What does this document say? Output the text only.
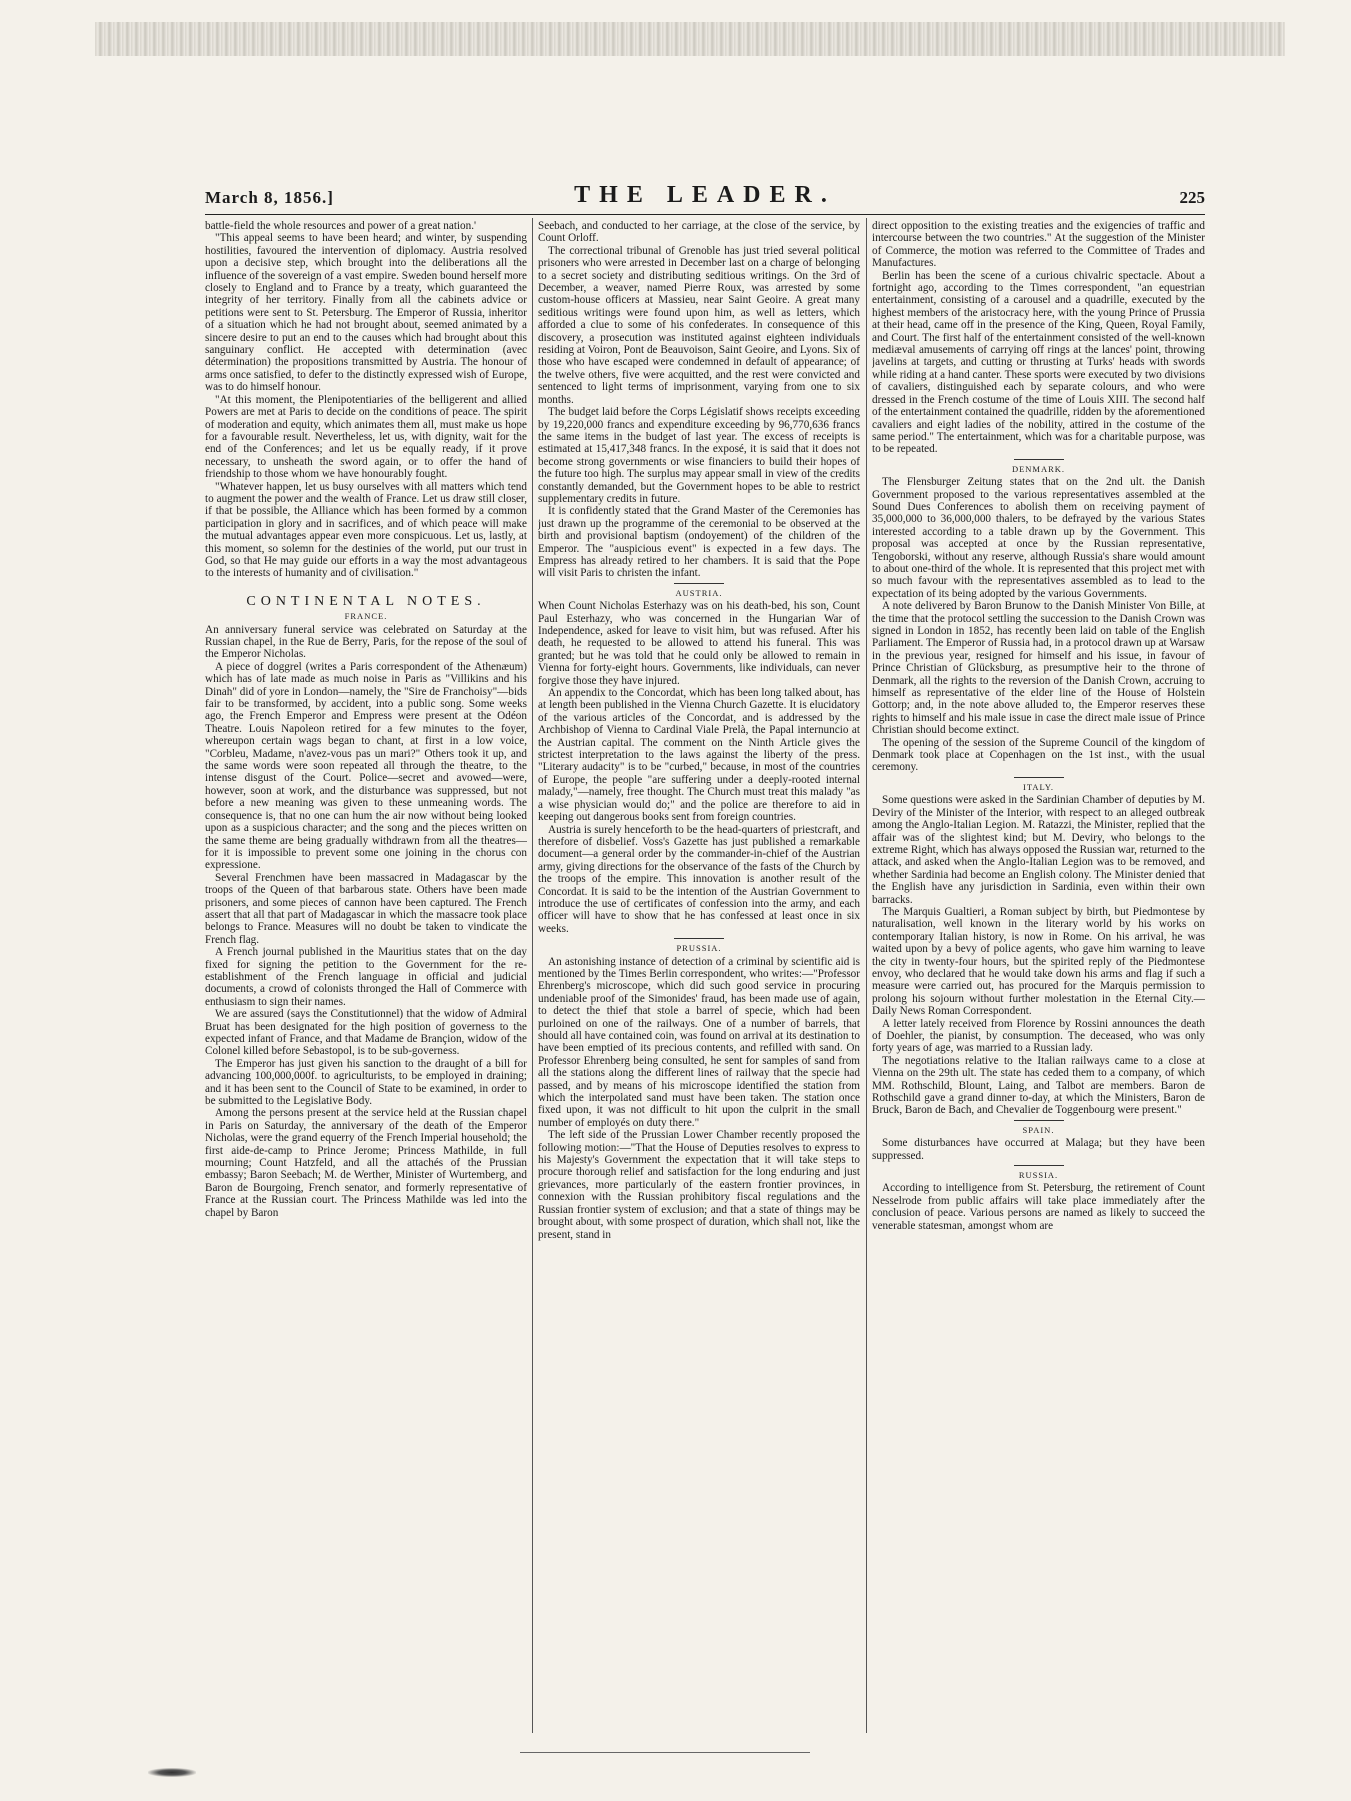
March 8, 1856.]	THE LEADER.	225

battle-field the whole resources and power of a great nation.'

"This appeal seems to have been heard; and winter, by suspending hostilities, favoured the intervention of diplomacy. Austria resolved upon a decisive step, which brought into the deliberations all the influence of the sovereign of a vast empire. Sweden bound herself more closely to England and to France by a treaty, which guaranteed the integrity of her territory. Finally from all the cabinets advice or petitions were sent to St. Petersburg. The Emperor of Russia, inheritor of a situation which he had not brought about, seemed animated by a sincere desire to put an end to the causes which had brought about this sanguinary conflict. He accepted with determination (avec détermination) the propositions transmitted by Austria. The honour of arms once satisfied, to defer to the distinctly expressed wish of Europe, was to do himself honour.

"At this moment, the Plenipotentiaries of the belligerent and allied Powers are met at Paris to decide on the conditions of peace. The spirit of moderation and equity, which animates them all, must make us hope for a favourable result. Nevertheless, let us, with dignity, wait for the end of the Conferences; and let us be equally ready, if it prove necessary, to unsheath the sword again, or to offer the hand of friendship to those whom we have honourably fought.

"Whatever happen, let us busy ourselves with all matters which tend to augment the power and the wealth of France. Let us draw still closer, if that be possible, the Alliance which has been formed by a common participation in glory and in sacrifices, and of which peace will make the mutual advantages appear even more conspicuous. Let us, lastly, at this moment, so solemn for the destinies of the world, put our trust in God, so that He may guide our efforts in a way the most advantageous to the interests of humanity and of civilisation."

CONTINENTAL NOTES.
FRANCE.

An anniversary funeral service was celebrated on Saturday at the Russian chapel, in the Rue de Berry, Paris, for the repose of the soul of the Emperor Nicholas.

A piece of doggrel (writes a Paris correspondent of the Athenæum) which has of late made as much noise in Paris as "Villikins and his Dinah" did of yore in London—namely, the "Sire de Franchoisy"—bids fair to be transformed, by accident, into a public song. Some weeks ago, the French Emperor and Empress were present at the Odéon Theatre. Louis Napoleon retired for a few minutes to the foyer, whereupon certain wags began to chant, at first in a low voice, "Corbleu, Madame, n'avez-vous pas un mari?" Others took it up, and the same words were soon repeated all through the theatre, to the intense disgust of the Court. Police—secret and avowed—were, however, soon at work, and the disturbance was suppressed, but not before a new meaning was given to these unmeaning words. The consequence is, that no one can hum the air now without being looked upon as a suspicious character; and the song and the pieces written on the same theme are being gradually withdrawn from all the theatres—for it is impossible to prevent some one joining in the chorus con expressione.

Several Frenchmen have been massacred in Madagascar by the troops of the Queen of that barbarous state. Others have been made prisoners, and some pieces of cannon have been captured. The French assert that all that part of Madagascar in which the massacre took place belongs to France. Measures will no doubt be taken to vindicate the French flag.

A French journal published in the Mauritius states that on the day fixed for signing the petition to the Government for the re-establishment of the French language in official and judicial documents, a crowd of colonists thronged the Hall of Commerce with enthusiasm to sign their names.

We are assured (says the Constitutionnel) that the widow of Admiral Bruat has been designated for the high position of governess to the expected infant of France, and that Madame de Brançion, widow of the Colonel killed before Sebastopol, is to be sub-governess.

The Emperor has just given his sanction to the draught of a bill for advancing 100,000,000f. to agriculturists, to be employed in draining; and it has been sent to the Council of State to be examined, in order to be submitted to the Legislative Body.

Among the persons present at the service held at the Russian chapel in Paris on Saturday, the anniversary of the death of the Emperor Nicholas, were the grand equerry of the French Imperial household; the first aide-de-camp to Prince Jerome; Princess Mathilde, in full mourning; Count Hatzfeld, and all the attachés of the Prussian embassy; Baron Seebach; M. de Werther, Minister of Wurtemberg, and Baron de Bourgoing, French senator, and formerly representative of France at the Russian court. The Princess Mathilde was led into the chapel by Baron

Seebach, and conducted to her carriage, at the close of the service, by Count Orloff.

The correctional tribunal of Grenoble has just tried several political prisoners who were arrested in December last on a charge of belonging to a secret society and distributing seditious writings. On the 3rd of December, a weaver, named Pierre Roux, was arrested by some custom-house officers at Massieu, near Saint Geoire. A great many seditious writings were found upon him, as well as letters, which afforded a clue to some of his confederates. In consequence of this discovery, a prosecution was instituted against eighteen individuals residing at Voiron, Pont de Beauvoison, Saint Geoire, and Lyons. Six of those who have escaped were condemned in default of appearance; of the twelve others, five were acquitted, and the rest were convicted and sentenced to light terms of imprisonment, varying from one to six months.

The budget laid before the Corps Législatif shows receipts exceeding by 19,220,000 francs and expenditure exceeding by 96,770,636 francs the same items in the budget of last year. The excess of receipts is estimated at 15,417,348 francs. In the exposé, it is said that it does not become strong governments or wise financiers to build their hopes of the future too high. The surplus may appear small in view of the credits constantly demanded, but the Government hopes to be able to restrict supplementary credits in future.

It is confidently stated that the Grand Master of the Ceremonies has just drawn up the programme of the ceremonial to be observed at the birth and provisional baptism (ondoyement) of the children of the Emperor. The "auspicious event" is expected in a few days. The Empress has already retired to her chambers. It is said that the Pope will visit Paris to christen the infant.

AUSTRIA.

When Count Nicholas Esterhazy was on his death-bed, his son, Count Paul Esterhazy, who was concerned in the Hungarian War of Independence, asked for leave to visit him, but was refused. After his death, he requested to be allowed to attend his funeral. This was granted; but he was told that he could only be allowed to remain in Vienna for forty-eight hours. Governments, like individuals, can never forgive those they have injured.

An appendix to the Concordat, which has been long talked about, has at length been published in the Vienna Church Gazette. It is elucidatory of the various articles of the Concordat, and is addressed by the Archbishop of Vienna to Cardinal Viale Prelà, the Papal internuncio at the Austrian capital. The comment on the Ninth Article gives the strictest interpretation to the laws against the liberty of the press. "Literary audacity" is to be "curbed," because, in most of the countries of Europe, the people "are suffering under a deeply-rooted internal malady,"—namely, free thought. The Church must treat this malady "as a wise physician would do;" and the police are therefore to aid in keeping out dangerous books sent from foreign countries.

Austria is surely henceforth to be the head-quarters of priestcraft, and therefore of disbelief. Voss's Gazette has just published a remarkable document—a general order by the commander-in-chief of the Austrian army, giving directions for the observance of the fasts of the Church by the troops of the empire. This innovation is another result of the Concordat. It is said to be the intention of the Austrian Government to introduce the use of certificates of confession into the army, and each officer will have to show that he has confessed at least once in six weeks.

PRUSSIA.

An astonishing instance of detection of a criminal by scientific aid is mentioned by the Times Berlin correspondent, who writes:—"Professor Ehrenberg's microscope, which did such good service in procuring undeniable proof of the Simonides' fraud, has been made use of again, to detect the thief that stole a barrel of specie, which had been purloined on one of the railways. One of a number of barrels, that should all have contained coin, was found on arrival at its destination to have been emptied of its precious contents, and refilled with sand. On Professor Ehrenberg being consulted, he sent for samples of sand from all the stations along the different lines of railway that the specie had passed, and by means of his microscope identified the station from which the interpolated sand must have been taken. The station once fixed upon, it was not difficult to hit upon the culprit in the small number of employés on duty there."

The left side of the Prussian Lower Chamber recently proposed the following motion:—"That the House of Deputies resolves to express to his Majesty's Government the expectation that it will take steps to procure thorough relief and satisfaction for the long enduring and just grievances, more particularly of the eastern frontier provinces, in connexion with the Russian prohibitory fiscal regulations and the Russian frontier system of exclusion; and that a state of things may be brought about, with some prospect of duration, which shall not, like the present, stand in

direct opposition to the existing treaties and the exigencies of traffic and intercourse between the two countries." At the suggestion of the Minister of Commerce, the motion was referred to the Committee of Trades and Manufactures.

Berlin has been the scene of a curious chivalric spectacle. About a fortnight ago, according to the Times correspondent, "an equestrian entertainment, consisting of a carousel and a quadrille, executed by the highest members of the aristocracy here, with the young Prince of Prussia at their head, came off in the presence of the King, Queen, Royal Family, and Court. The first half of the entertainment consisted of the well-known mediæval amusements of carrying off rings at the lances' point, throwing javelins at targets, and cutting or thrusting at Turks' heads with swords while riding at a hand canter. These sports were executed by two divisions of cavaliers, distinguished each by separate colours, and who were dressed in the French costume of the time of Louis XIII. The second half of the entertainment contained the quadrille, ridden by the aforementioned cavaliers and eight ladies of the nobility, attired in the costume of the same period." The entertainment, which was for a charitable purpose, was to be repeated.

DENMARK.

The Flensburger Zeitung states that on the 2nd ult. the Danish Government proposed to the various representatives assembled at the Sound Dues Conferences to abolish them on receiving payment of 35,000,000 to 36,000,000 thalers, to be defrayed by the various States interested according to a table drawn up by the Government. This proposal was accepted at once by the Russian representative, Tengoborski, without any reserve, although Russia's share would amount to about one-third of the whole. It is represented that this project met with so much favour with the representatives assembled as to lead to the expectation of its being adopted by the various Governments.

A note delivered by Baron Brunow to the Danish Minister Von Bille, at the time that the protocol settling the succession to the Danish Crown was signed in London in 1852, has recently been laid on table of the English Parliament. The Emperor of Russia had, in a protocol drawn up at Warsaw in the previous year, resigned for himself and his issue, in favour of Prince Christian of Glücksburg, as presumptive heir to the throne of Denmark, all the rights to the reversion of the Danish Crown, accruing to himself as representative of the elder line of the House of Holstein Gottorp; and, in the note above alluded to, the Emperor reserves these rights to himself and his male issue in case the direct male issue of Prince Christian should become extinct.

The opening of the session of the Supreme Council of the kingdom of Denmark took place at Copenhagen on the 1st inst., with the usual ceremony.

ITALY.

Some questions were asked in the Sardinian Chamber of deputies by M. Deviry of the Minister of the Interior, with respect to an alleged outbreak among the Anglo-Italian Legion. M. Ratazzi, the Minister, replied that the affair was of the slightest kind; but M. Deviry, who belongs to the extreme Right, which has always opposed the Russian war, returned to the attack, and asked when the Anglo-Italian Legion was to be removed, and whether Sardinia had become an English colony. The Minister denied that the English have any jurisdiction in Sardinia, even within their own barracks.

The Marquis Gualtieri, a Roman subject by birth, but Piedmontese by naturalisation, well known in the literary world by his works on contemporary Italian history, is now in Rome. On his arrival, he was waited upon by a bevy of police agents, who gave him warning to leave the city in twenty-four hours, but the spirited reply of the Piedmontese envoy, who declared that he would take down his arms and flag if such a measure were carried out, has procured for the Marquis permission to prolong his sojourn without further molestation in the Eternal City.—Daily News Roman Correspondent.

A letter lately received from Florence by Rossini announces the death of Doehler, the pianist, by consumption. The deceased, who was only forty years of age, was married to a Russian lady.

The negotiations relative to the Italian railways came to a close at Vienna on the 29th ult. The state has ceded them to a company, of which MM. Rothschild, Blount, Laing, and Talbot are members. Baron de Rothschild gave a grand dinner to-day, at which the Ministers, Baron de Bruck, Baron de Bach, and Chevalier de Toggenbourg were present."

SPAIN.

Some disturbances have occurred at Malaga; but they have been suppressed.

RUSSIA.

According to intelligence from St. Petersburg, the retirement of Count Nesselrode from public affairs will take place immediately after the conclusion of peace. Various persons are named as likely to succeed the venerable statesman, amongst whom are
